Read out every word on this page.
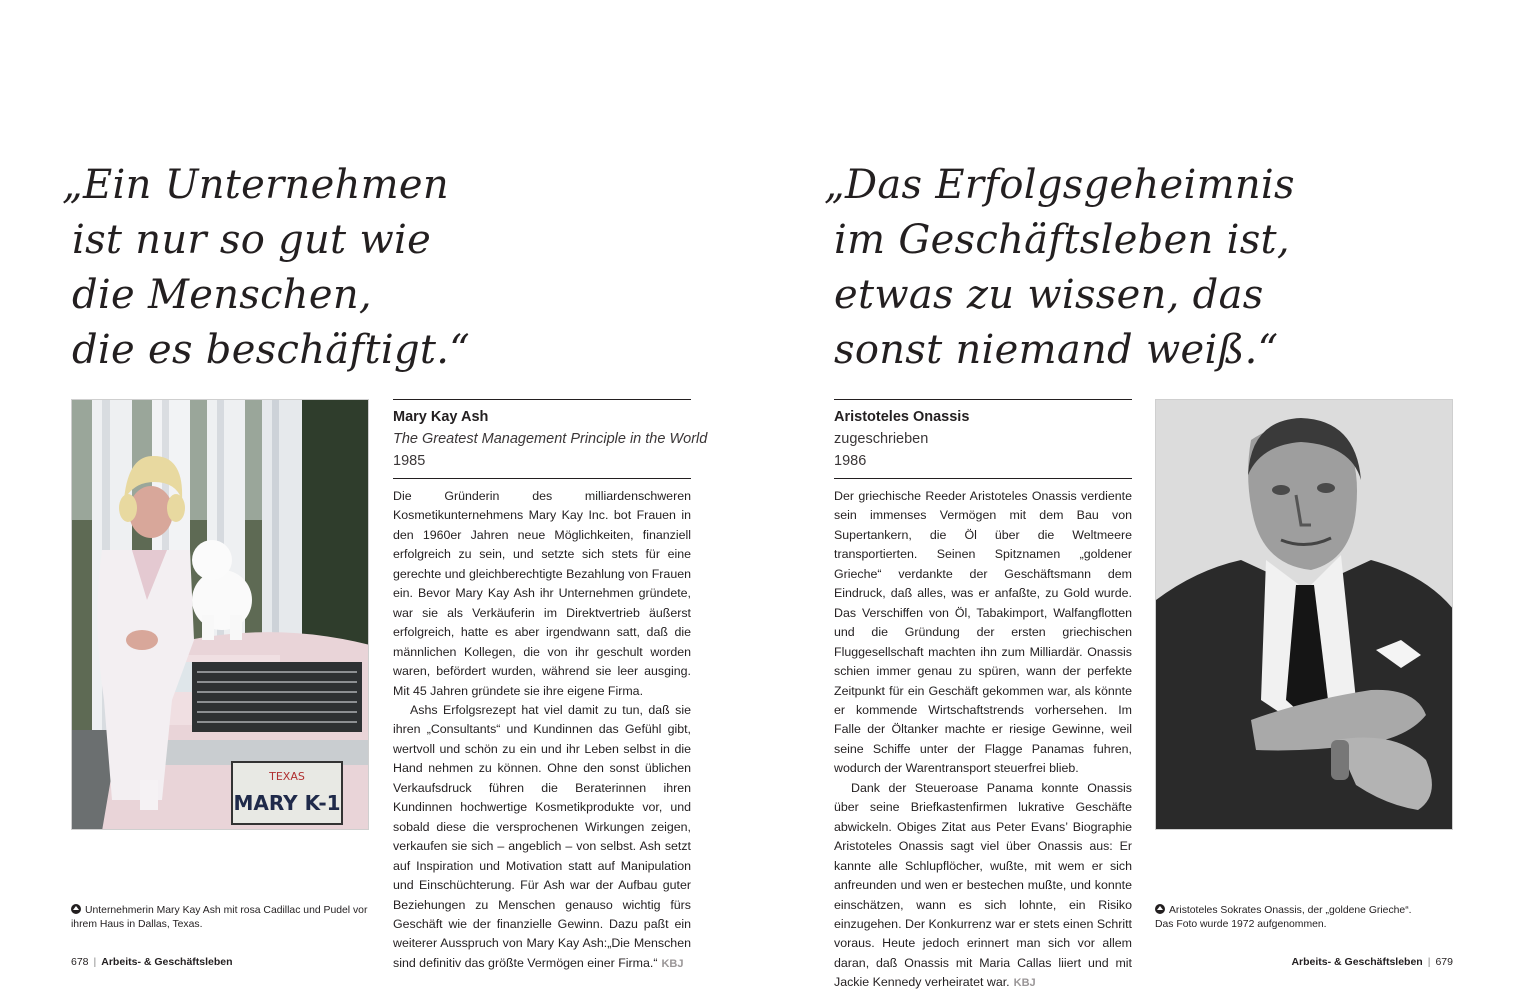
„Ein Unternehmen
ist nur so gut wie
die Menschen,
die es beschäftigt.“
TEXAS
MARY K-1
Mary Kay Ash
The Greatest Management Principle in the World
1985

Die Gründerin des milliardenschweren Kosmetikunternehmens Mary Kay Inc. bot Frauen in den 1960er Jahren neue Möglichkeiten, finanziell erfolgreich zu sein, und setzte sich stets für eine gerechte und gleichberechtigte Bezahlung von Frauen ein. Bevor Mary Kay Ash ihr Unternehmen gründete, war sie als Verkäuferin im Direktvertrieb äußerst erfolgreich, hatte es aber irgendwann satt, daß die männlichen Kollegen, die von ihr geschult worden waren, befördert wurden, während sie leer ausging. Mit 45 Jahren gründete sie ihre eigene Firma.

Ashs Erfolgsrezept hat viel damit zu tun, daß sie ihren „Consultants“ und Kundinnen das Gefühl gibt, wertvoll und schön zu ein und ihr Leben selbst in die Hand nehmen zu können. Ohne den sonst üblichen Verkaufsdruck führen die Beraterinnen ihren Kundinnen hochwertige Kosmetikprodukte vor, und sobald diese die versprochenen Wirkungen zeigen, verkaufen sie sich – angeblich – von selbst. Ash setzt auf Inspiration und Motivation statt auf Manipulation und Einschüchterung. Für Ash war der Aufbau guter Beziehungen zu Menschen genauso wichtig fürs Geschäft wie der finanzielle Gewinn. Dazu paßt ein weiterer Ausspruch von Mary Kay Ash:„Die Menschen sind definitiv das größte Vermögen einer Firma.“ KBJ

Unternehmerin Mary Kay Ash mit rosa Cadillac und Pudel vor ihrem Haus in Dallas, Texas.
678 | Arbeits- & Geschäftsleben
„Das Erfolgsgeheimnis
im Geschäftsleben ist,
etwas zu wissen, das
sonst niemand weiß.“
Aristoteles Onassis
zugeschrieben
1986

Der griechische Reeder Aristoteles Onassis verdiente sein immenses Vermögen mit dem Bau von Supertankern, die Öl über die Weltmeere transportierten. Seinen Spitznamen „goldener Grieche“ verdankte der Geschäftsmann dem Eindruck, daß alles, was er anfaßte, zu Gold wurde. Das Verschiffen von Öl, Tabakimport, Walfangflotten und die Gründung der ersten griechischen Fluggesellschaft machten ihn zum Milliardär. Onassis schien immer genau zu spüren, wann der perfekte Zeitpunkt für ein Geschäft gekommen war, als könnte er kommende Wirtschaftstrends vorhersehen. Im Falle der Öltanker machte er riesige Gewinne, weil seine Schiffe unter der Flagge Panamas fuhren, wodurch der Warentransport steuerfrei blieb.

Dank der Steueroase Panama konnte Onassis über seine Briefkastenfirmen lukrative Geschäfte abwickeln. Obiges Zitat aus Peter Evans’ Biographie Aristoteles Onassis sagt viel über Onassis aus: Er kannte alle Schlupflöcher, wußte, mit wem er sich anfreunden und wen er bestechen mußte, und konnte einschätzen, wann es sich lohnte, ein Risiko einzugehen. Der Konkurrenz war er stets einen Schritt voraus. Heute jedoch erinnert man sich vor allem daran, daß Onassis mit Maria Callas liiert und mit Jackie Kennedy verheiratet war. KBJ

Aristoteles Sokrates Onassis, der „goldene Grieche“.
Das Foto wurde 1972 aufgenommen.
Arbeits- & Geschäftsleben | 679
